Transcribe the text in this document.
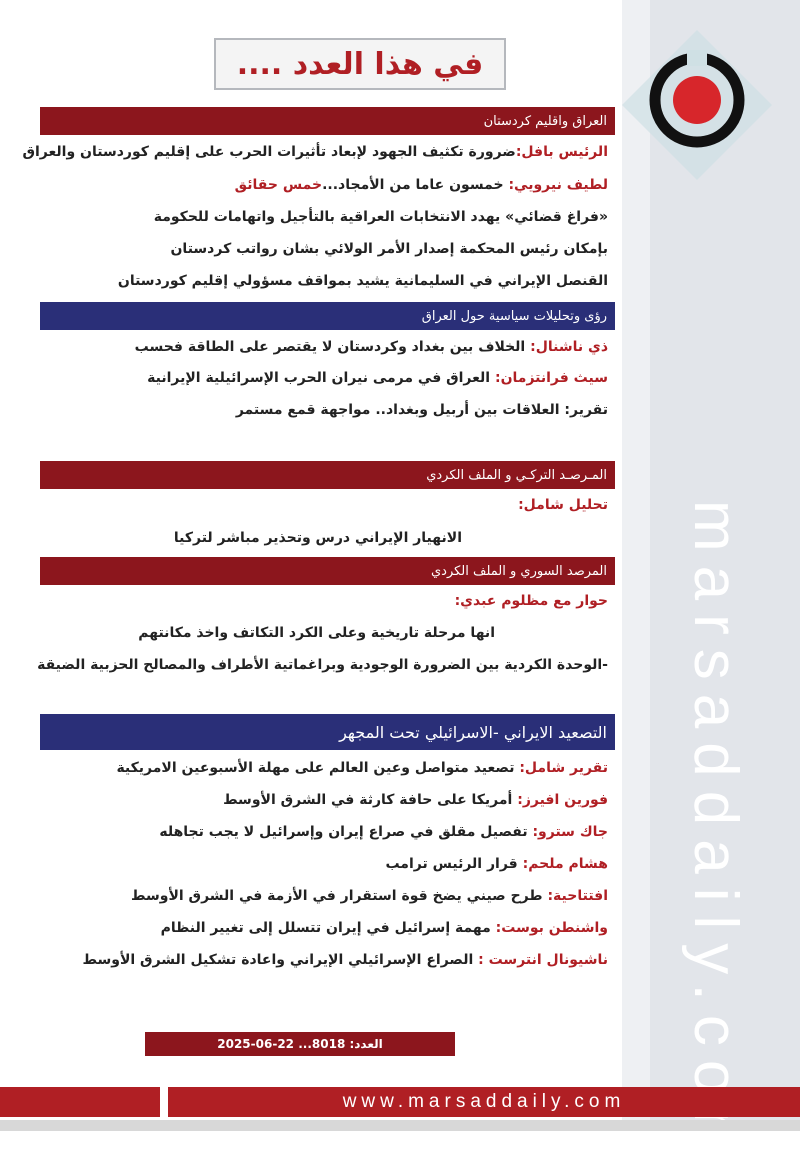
في هذا العدد ....
العراق واقليم كردستان
الرئيس بافل:ضرورة تكثيف الجهود لإبعاد تأثيرات الحرب على إقليم كوردستان والعراق
لطيف نيرويي: خمسون عاما من الأمجاد...خمس حقائق
«فراغ قضائي» يهدد الانتخابات العراقية بالتأجيل واتهامات للحكومة
بإمكان رئيس المحكمة إصدار الأمر الولائي بشان رواتب كردستان
القنصل الإيراني في السليمانية يشيد بمواقف مسؤولي إقليم كوردستان
رؤى وتحليلات سياسية حول العراق
ذي ناشنال: الخلاف بين بغداد وكردستان لا يقتصر على الطاقة فحسب
سيث فرانتزمان: العراق في مرمى نيران الحرب الإسرائيلية الإيرانية
تقرير: العلاقات بين أربيل وبغداد.. مواجهة قمع مستمر
المـرصـد التركـي و الملف الكردي
تحليل شامل:
الانهيار الإيراني درس وتحذير مباشر لتركيا
المرصد السوري و الملف الكردي
حوار مع مظلوم عبدي:
انها مرحلة تاريخية وعلى الكرد التكاتف واخذ مكانتهم
-الوحدة الكردية بين الضرورة الوجودية وبراغماتية الأطراف والمصالح الحزبية الضيقة
التصعيد الايراني -الاسرائيلي تحت المجهر
تقرير شامل: تصعيد متواصل وعين العالم على مهلة الأسبوعين الامريكية
فورين افيرز: أمريكا على حافة كارثة في الشرق الأوسط
جاك سترو: تفصيل مقلق في صراع إيران وإسرائيل لا يجب تجاهله
هشام ملحم: قرار الرئيس ترامب
افتتاحية: طرح صيني يضخ قوة استقرار في الأزمة في الشرق الأوسط
واشنطن بوست: مهمة إسرائيل في إيران تتسلل إلى تغيير النظام
ناشيونال انترست : الصراع الإسرائيلي الإيراني واعادة تشكيل الشرق الأوسط
العدد: 8018... 22-06-2025
www.marsaddaily.com
